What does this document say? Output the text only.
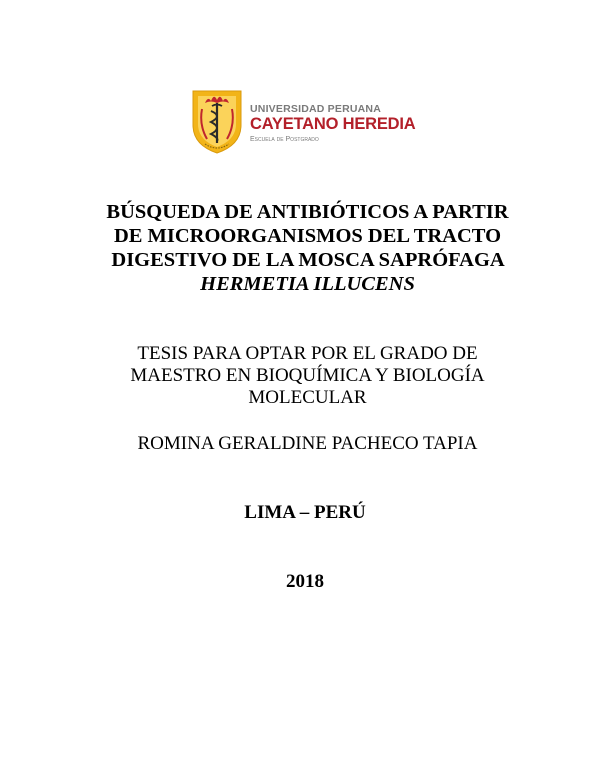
UNIVERSIDAD PERUANA
CAYETANO HEREDIA
Escuela de Postgrado
BÚSQUEDA DE ANTIBIÓTICOS A PARTIR DE MICROORGANISMOS DEL TRACTO DIGESTIVO DE LA MOSCA SAPRÓFAGA HERMETIA ILLUCENS
TESIS PARA OPTAR POR EL GRADO DE MAESTRO EN BIOQUÍMICA Y BIOLOGÍA MOLECULAR
ROMINA GERALDINE PACHECO TAPIA
LIMA – PERÚ
2018
